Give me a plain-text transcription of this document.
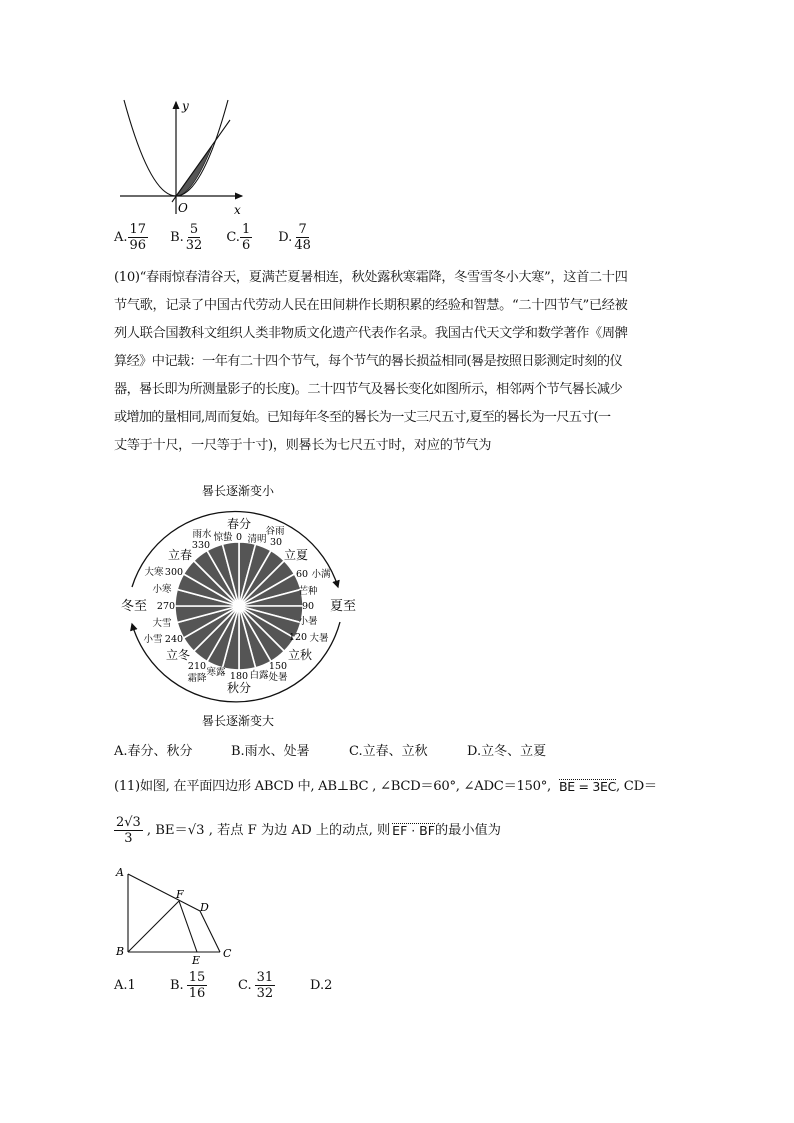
y
x
O
A. $\frac{17}{96} B$. $\frac{5}{32} C$. $\frac{1}{6} D$. $\frac{7}{48}$
(10)“春雨惊春清谷天，夏满芒夏暑相连，秋处露秋寒霜降，冬雪雪冬小大寒”，这首二十四
节气歌，记录了中国古代劳动人民在田间耕作长期积累的经验和智慧。“二十四节气”已经被
列人联合国教科文组织人类非物质文化遗产代表作名录。我国古代天文学和数学著作《周髀
算经》中记载：一年有二十四个节气，每个节气的晷长损益相同(晷是按照日影测定时刻的仪
器，晷长即为所测量影子的长度)。二十四节气及晷长变化如图所示，相邻两个节气晷长减少
或增加的量相同,周而复始。已知每年冬至的晷长为一丈三尺五寸,夏至的晷长为一尺五寸(一
丈等于十尺，一尺等于十寸)，则晷长为七尺五寸时，对应的节气为
晷长逐渐变小
晷长逐渐变大
冬至	夏至
春分
秋分
立春	立夏
立秋
立冬
雨水
330
惊蛰 0 清明
谷雨
30
60 小满
芒种
90
小暑
120 大暑
150
处暑
白露
180
寒露
210
霜降
小雪 240
大雪
270
小寒
大寒 300
A.春分、秋分	B.雨水、处暑	C.立春、立秋	D.立冬、立夏
(11)如图, 在平面四边形 ABCD 中, AB⊥BC , ∠BCD＝60°, ∠ADC＝150°, BE = 3EC , CD＝
$\frac{2√3}{3}$ , BE＝√3 , 若点 F 为边 AD 上的动点, 则 EF · BF 的最小值为
A
B	C
D
E
F
A. 1	B. $\frac{15}{16} C$. $\frac{31}{32}$	D. 2
